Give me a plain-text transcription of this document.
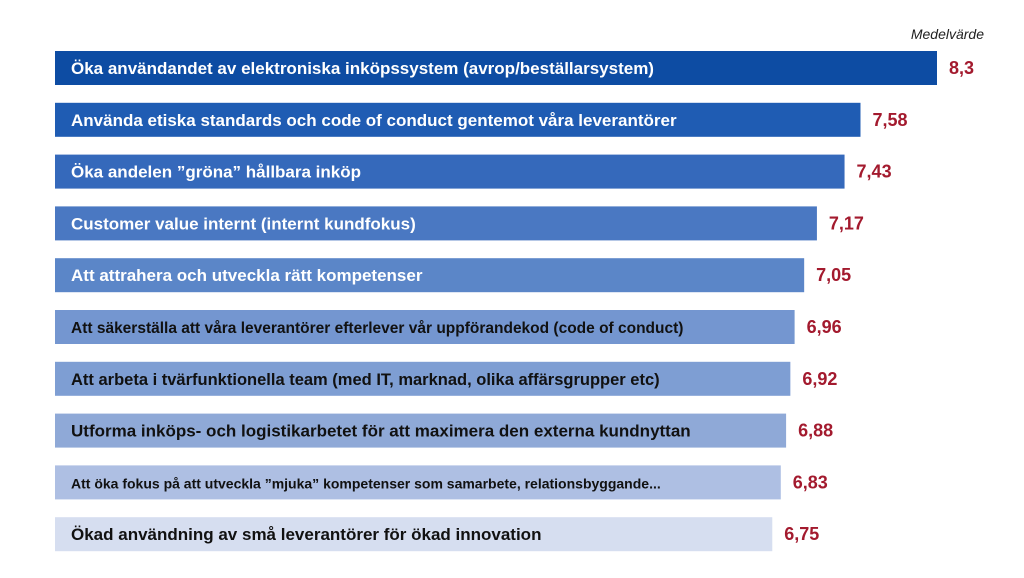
Medelvärde
Öka användandet av elektroniska inköpssystem (avrop/beställarsystem)	8,3
Använda etiska standards och code of conduct gentemot våra leverantörer	7,58
Öka andelen ”gröna” hållbara inköp	7,43
Customer value internt (internt kundfokus)	7,17
Att attrahera och utveckla rätt kompetenser	7,05
Att säkerställa att våra leverantörer efterlever vår uppförandekod (code of conduct)	6,96
Att arbeta i tvärfunktionella team (med IT, marknad, olika affärsgrupper etc)	6,92
Utforma inköps- och logistikarbetet för att maximera den externa kundnyttan	6,88
Att öka fokus på att utveckla ”mjuka” kompetenser som samarbete, relationsbyggande...	6,83
Ökad användning av små leverantörer för ökad innovation	6,75
